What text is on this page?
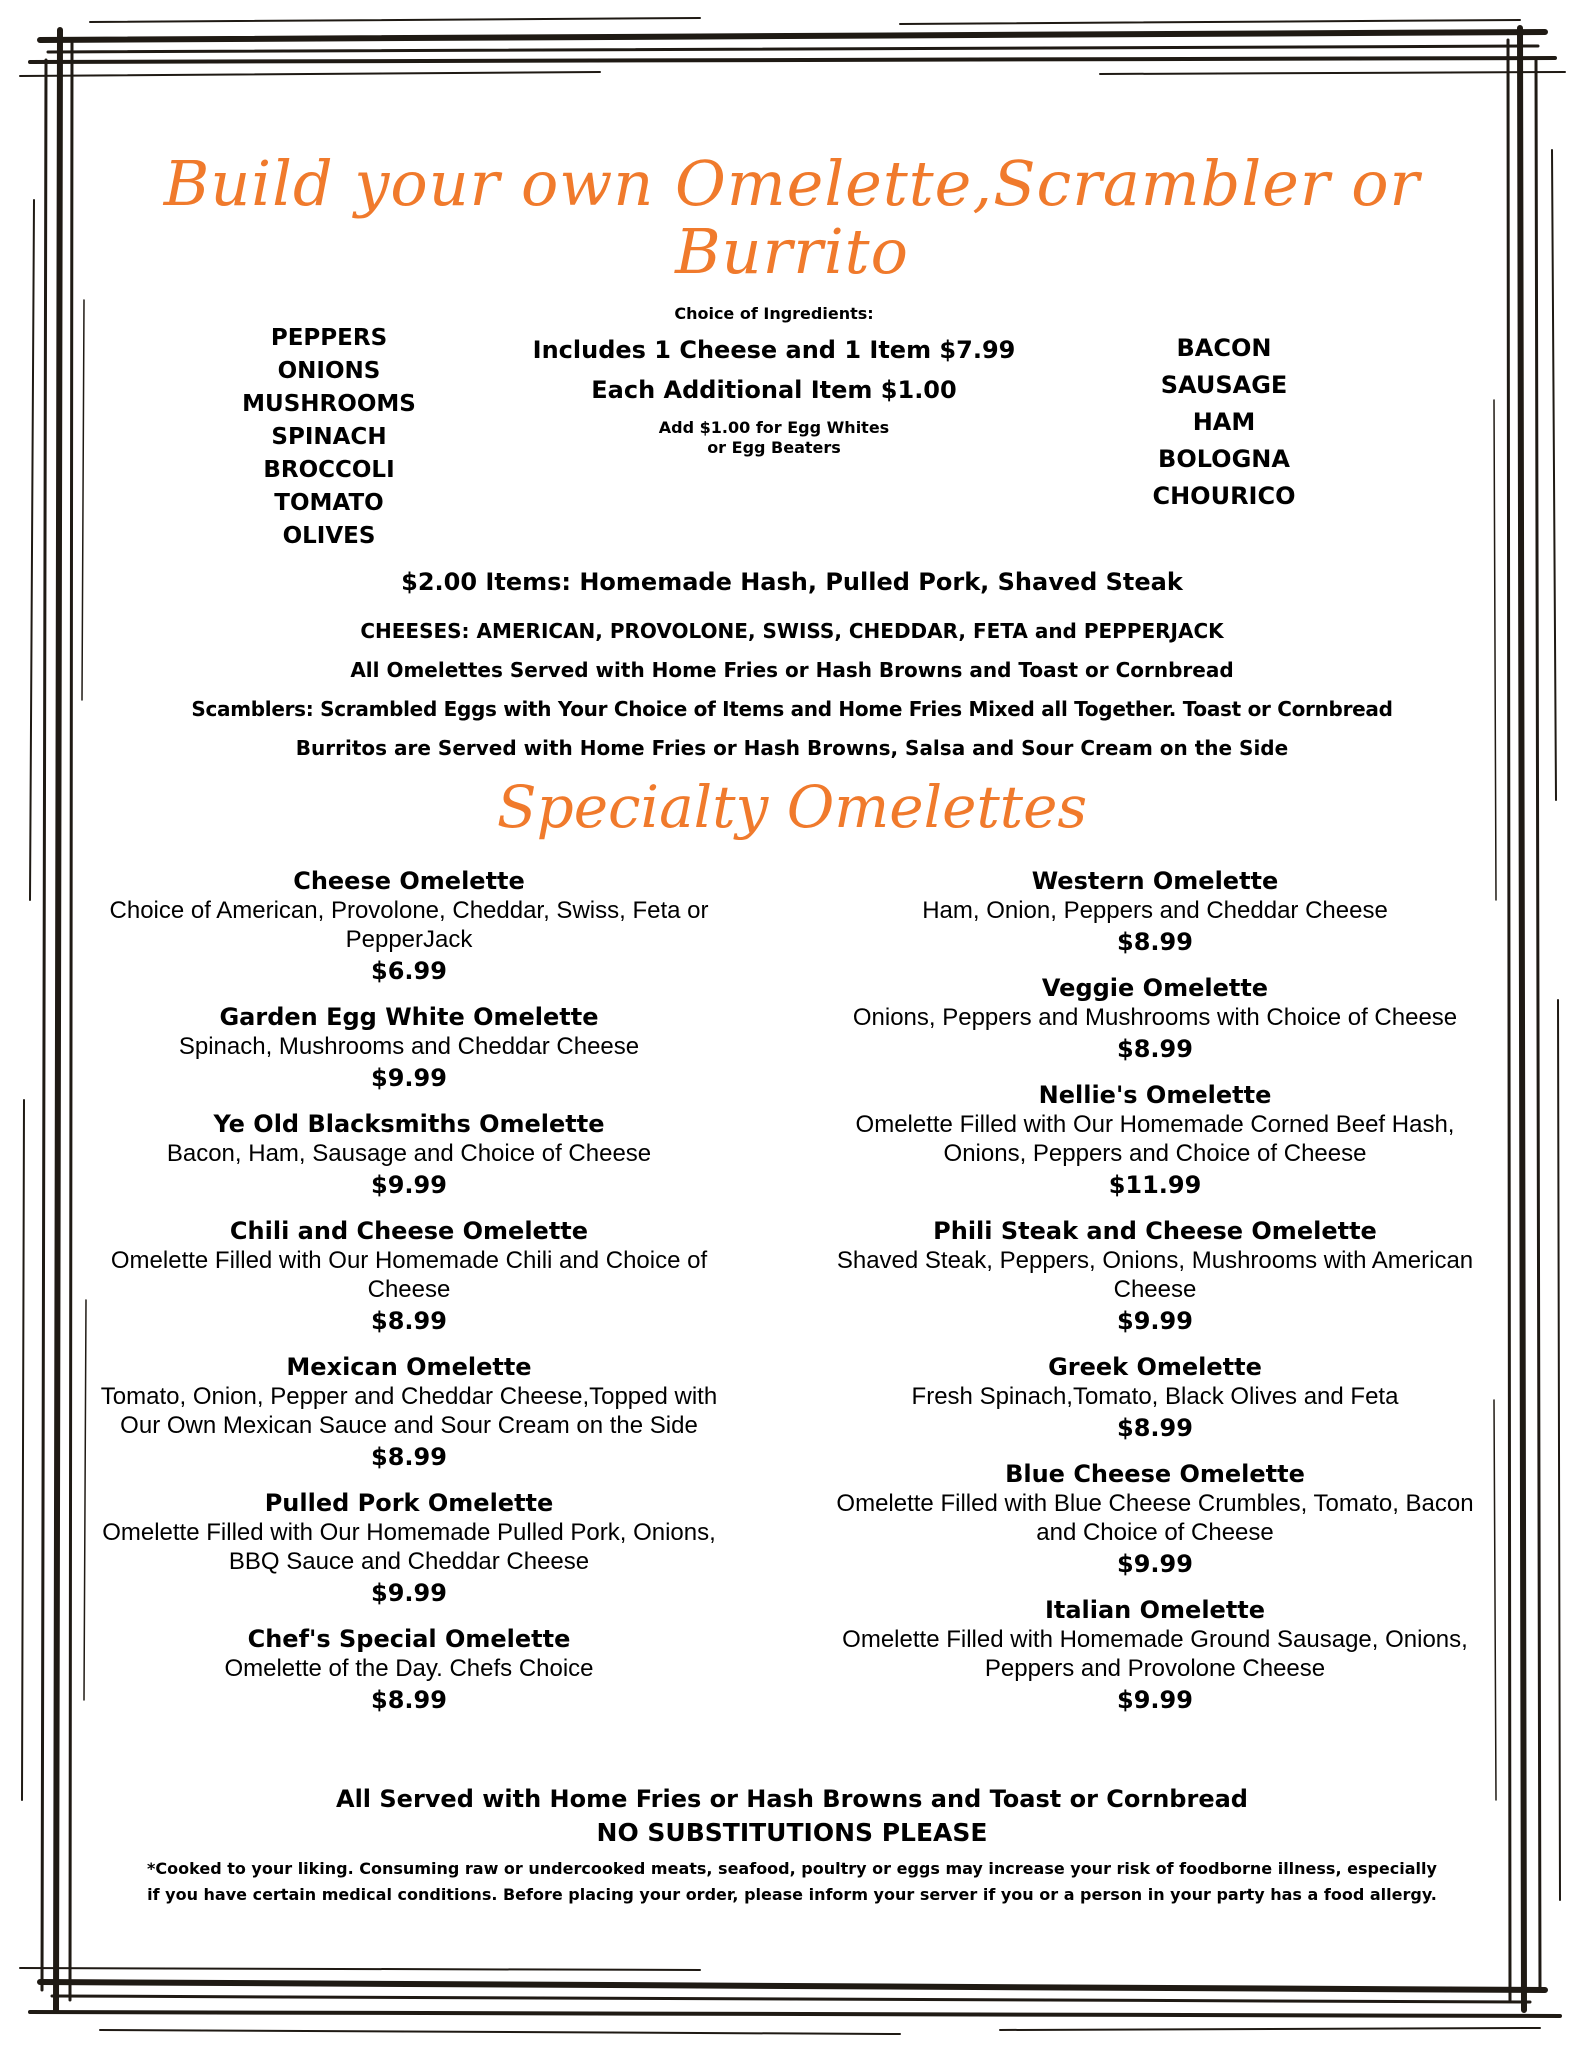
Build your own Omelette,Scrambler or Burrito
PEPPERS
ONIONS
MUSHROOMS
SPINACH
BROCCOLI
TOMATO
OLIVES
Choice of Ingredients:
Includes 1 Cheese and 1 Item $7.99
Each Additional Item $1.00
Add $1.00 for Egg Whites
or Egg Beaters
BACON
SAUSAGE
HAM
BOLOGNA
CHOURICO
$2.00 Items: Homemade Hash, Pulled Pork, Shaved Steak
CHEESES: AMERICAN, PROVOLONE, SWISS, CHEDDAR, FETA and PEPPERJACK
All Omelettes Served with Home Fries or Hash Browns and Toast or Cornbread
Scamblers: Scrambled Eggs with Your Choice of Items and Home Fries Mixed all Together. Toast or Cornbread
Burritos are Served with Home Fries or Hash Browns, Salsa and Sour Cream on the Side
Specialty Omelettes
Cheese Omelette
Choice of American, Provolone, Cheddar, Swiss, Feta or PepperJack
$6.99
Garden Egg White Omelette
Spinach, Mushrooms and Cheddar Cheese
$9.99
Ye Old Blacksmiths Omelette
Bacon, Ham, Sausage and Choice of Cheese
$9.99
Chili and Cheese Omelette
Omelette Filled with Our Homemade Chili and Choice of Cheese
$8.99
Mexican Omelette
Tomato, Onion, Pepper and Cheddar Cheese,Topped with Our Own Mexican Sauce and Sour Cream on the Side
$8.99
Pulled Pork Omelette
Omelette Filled with Our Homemade Pulled Pork, Onions, BBQ Sauce and Cheddar Cheese
$9.99
Chef's Special Omelette
Omelette of the Day. Chefs Choice
$8.99
Western Omelette
Ham, Onion, Peppers and Cheddar Cheese
$8.99
Veggie Omelette
Onions, Peppers and Mushrooms with Choice of Cheese
$8.99
Nellie's Omelette
Omelette Filled with Our Homemade Corned Beef Hash, Onions, Peppers and Choice of Cheese
$11.99
Phili Steak and Cheese Omelette
Shaved Steak, Peppers, Onions, Mushrooms with American Cheese
$9.99
Greek Omelette
Fresh Spinach,Tomato, Black Olives and Feta
$8.99
Blue Cheese Omelette
Omelette Filled with Blue Cheese Crumbles, Tomato, Bacon and Choice of Cheese
$9.99
Italian Omelette
Omelette Filled with Homemade Ground Sausage, Onions, Peppers and Provolone Cheese
$9.99
All Served with Home Fries or Hash Browns and Toast or Cornbread
NO SUBSTITUTIONS PLEASE
*Cooked to your liking. Consuming raw or undercooked meats, seafood, poultry or eggs may increase your risk of foodborne illness, especially if you have certain medical conditions. Before placing your order, please inform your server if you or a person in your party has a food allergy.
